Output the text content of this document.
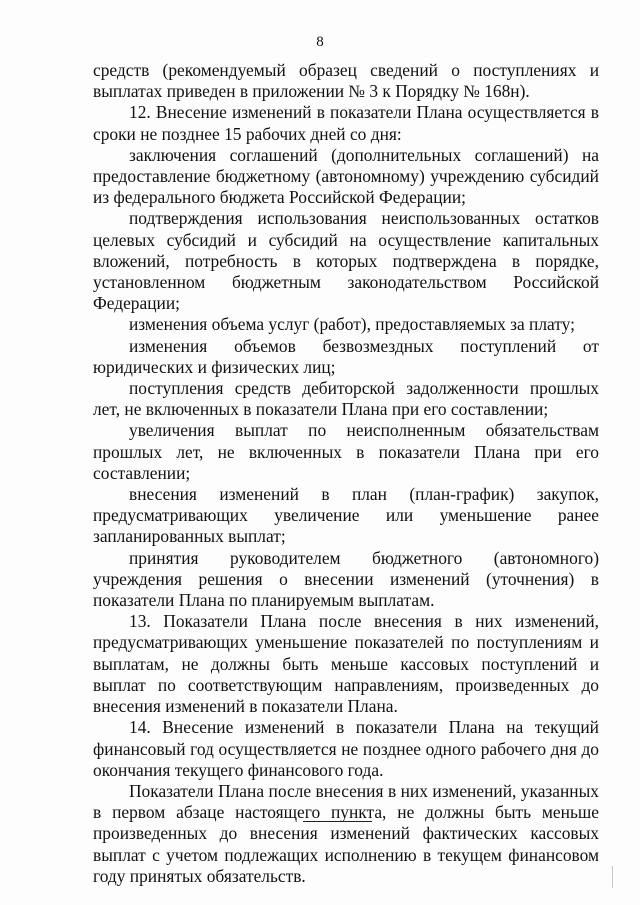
8

средств (рекомендуемый образец сведений о поступлениях и выплатах приведен в приложении № 3 к Порядку № 168н).

12. Внесение изменений в показатели Плана осуществляется в сроки не позднее 15 рабочих дней со дня:

заключения соглашений (дополнительных соглашений) на предоставление бюджетному (автономному) учреждению субсидий из федерального бюджета Российской Федерации;

подтверждения использования неиспользованных остатков целевых субсидий и субсидий на осуществление капитальных вложений, потребность в которых подтверждена в порядке, установленном бюджетным законодательством Российской Федерации;

изменения объема услуг (работ), предоставляемых за плату;

изменения объемов безвозмездных поступлений от юридических и физических лиц;

поступления средств дебиторской задолженности прошлых лет, не включенных в показатели Плана при его составлении;

увеличения выплат по неисполненным обязательствам прошлых лет, не включенных в показатели Плана при его составлении;

внесения изменений в план (план-график) закупок, предусматривающих увеличение или уменьшение ранее запланированных выплат;

принятия руководителем бюджетного (автономного) учреждения решения о внесении изменений (уточнения) в показатели Плана по планируемым выплатам.

13. Показатели Плана после внесения в них изменений, предусматривающих уменьшение показателей по поступлениям и выплатам, не должны быть меньше кассовых поступлений и выплат по соответствующим направлениям, произведенных до внесения изменений в показатели Плана.

14. Внесение изменений в показатели Плана на текущий финансовый год осуществляется не позднее одного рабочего дня до окончания текущего финансового года.

Показатели Плана после внесения в них изменений, указанных в первом абзаце настоящего пункта, не должны быть меньше произведенных до внесения изменений фактических кассовых выплат с учетом подлежащих исполнению в текущем финансовом году принятых обязательств.
